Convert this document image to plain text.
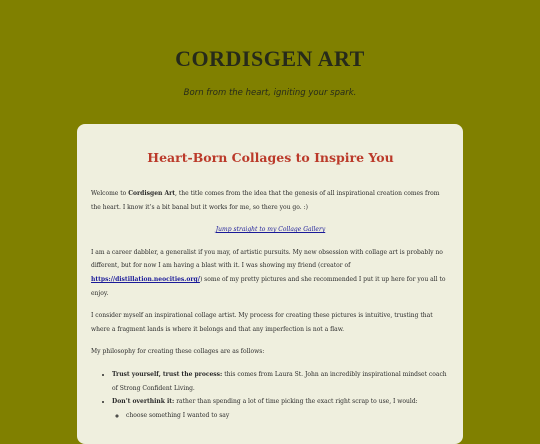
CORDISGEN ART
Born from the heart, igniting your spark.
Heart-Born Collages to Inspire You

Welcome to Cordisgen Art, the title comes from the idea that the genesis of all inspirational creation comes from the heart. I know it’s a bit banal but it works for me, so there you go. :)

Jump straight to my Collage Gallery

I am a career dabbler, a generalist if you may, of artistic pursuits. My new obsession with collage art is probably no different, but for now I am having a blast with it. I was showing my friend (creator of https://distillation.neocities.org/) some of my pretty pictures and she recommended I put it up here for you all to enjoy.

I consider myself an inspirational collage artist. My process for creating these pictures is intuitive, trusting that where a fragment lands is where it belongs and that any imperfection is not a flaw.

My philosophy for creating these collages are as follows:

• Trust yourself, trust the process: this comes from Laura St. John an incredibly inspirational mindset coach of Strong Confident Living.
• Don’t overthink it: rather than spending a lot of time picking the exact right scrap to use, I would:
◦ choose something I wanted to say
